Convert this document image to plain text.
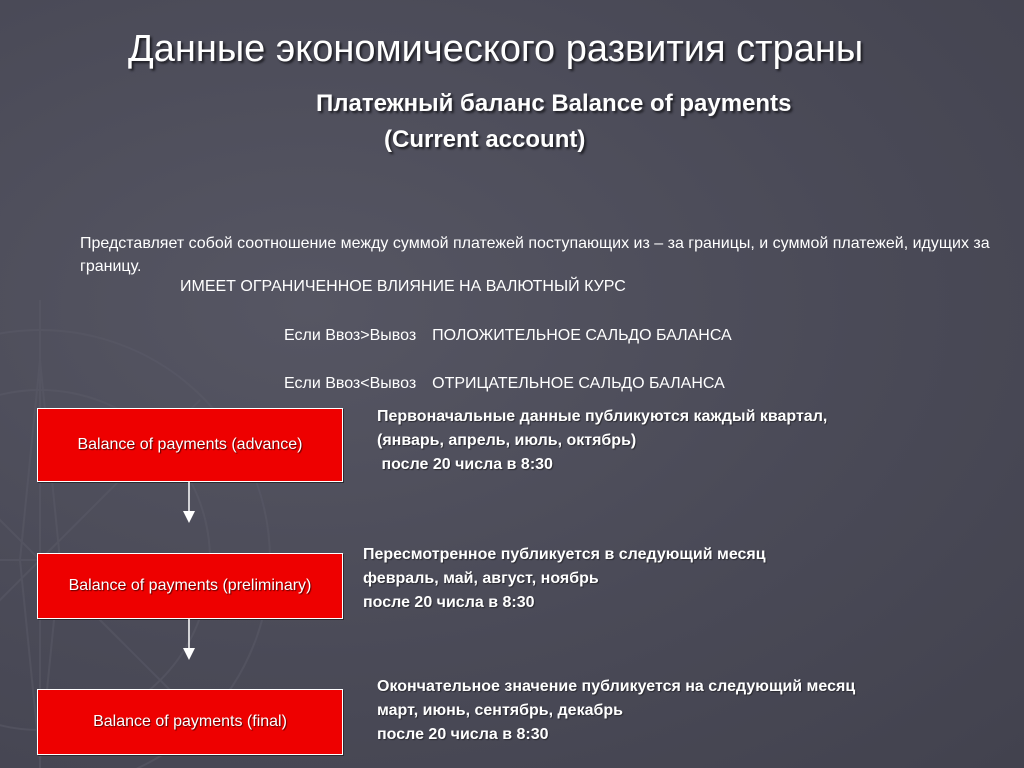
Данные экономического развития страны
Платежный баланс Balance of payments
(Current account)
Представляет собой соотношение между суммой платежей поступающих из – за границы, и суммой платежей, идущих за границу.
ИМЕЕТ ОГРАНИЧЕННОЕ ВЛИЯНИЕ НА ВАЛЮТНЫЙ КУРС
Если Ввоз>Вывоз ПОЛОЖИТЕЛЬНОЕ САЛЬДО БАЛАНСА
Если Ввоз<Вывоз ОТРИЦАТЕЛЬНОЕ САЛЬДО БАЛАНСА
Balance of payments (advance)
Первоначальные данные публикуются каждый квартал,
(январь, апрель, июль, октябрь)
после 20 числа в 8:30
Balance of payments (preliminary)
Пересмотренное публикуется в следующий месяц
февраль, май, август, ноябрь
после 20 числа в 8:30
Balance of payments (final)
Окончательное значение публикуется на следующий месяц
март, июнь, сентябрь, декабрь
после 20 числа в 8:30
